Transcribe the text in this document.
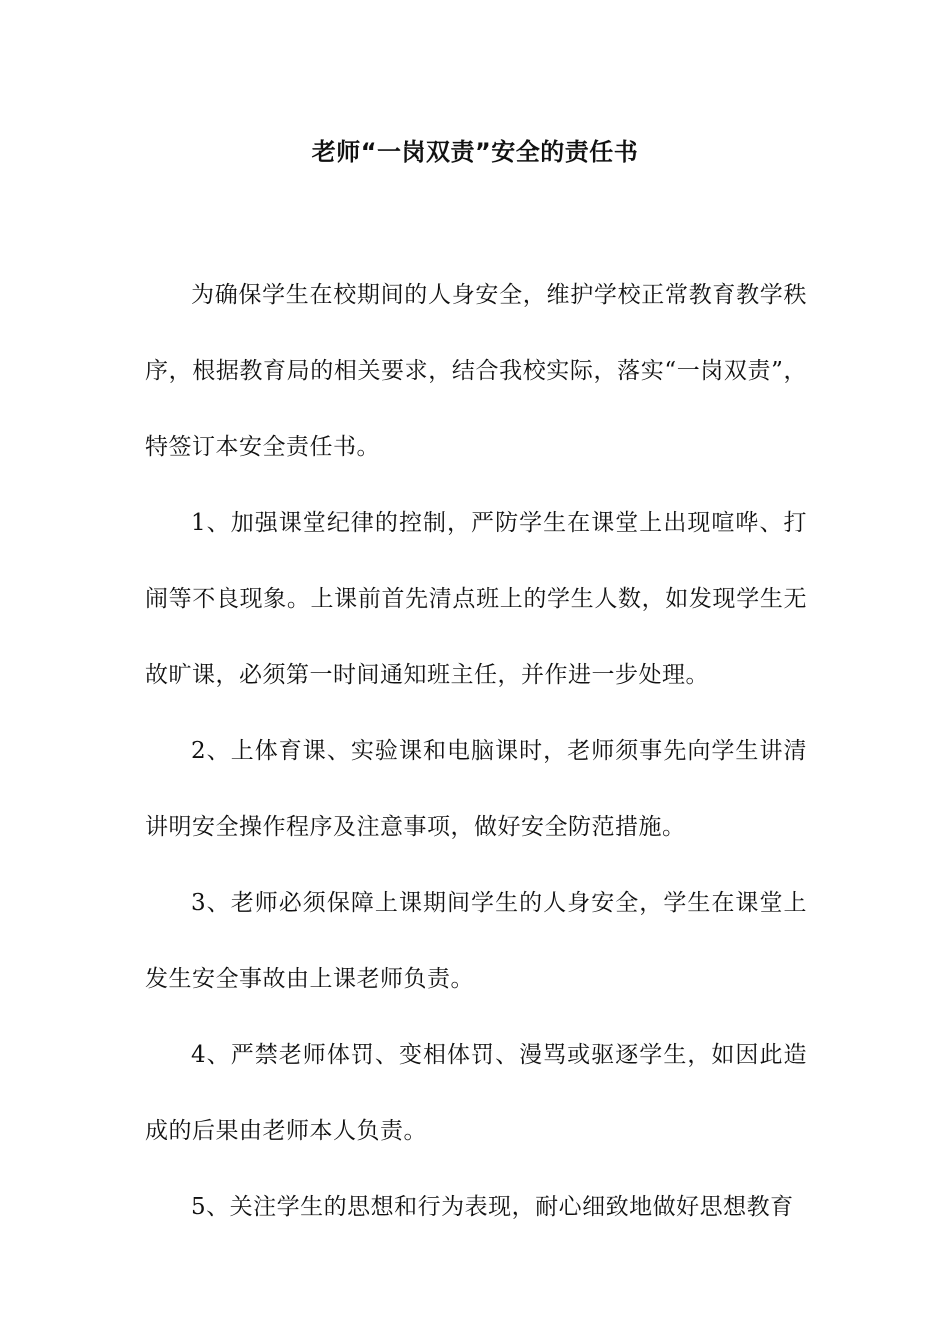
老师“一岗双责”安全的责任书

为确保学生在校期间的人身安全，维护学校正常教育教学秩序，根据教育局的相关要求，结合我校实际，落实“一岗双责”，特签订本安全责任书。

1、加强课堂纪律的控制，严防学生在课堂上出现喧哗、打闹等不良现象。上课前首先清点班上的学生人数，如发现学生无故旷课，必须第一时间通知班主任，并作进一步处理。

2、上体育课、实验课和电脑课时，老师须事先向学生讲清讲明安全操作程序及注意事项，做好安全防范措施。

3、老师必须保障上课期间学生的人身安全，学生在课堂上发生安全事故由上课老师负责。

4、严禁老师体罚、变相体罚、漫骂或驱逐学生，如因此造成的后果由老师本人负责。

5、关注学生的思想和行为表现，耐心细致地做好思想教育
